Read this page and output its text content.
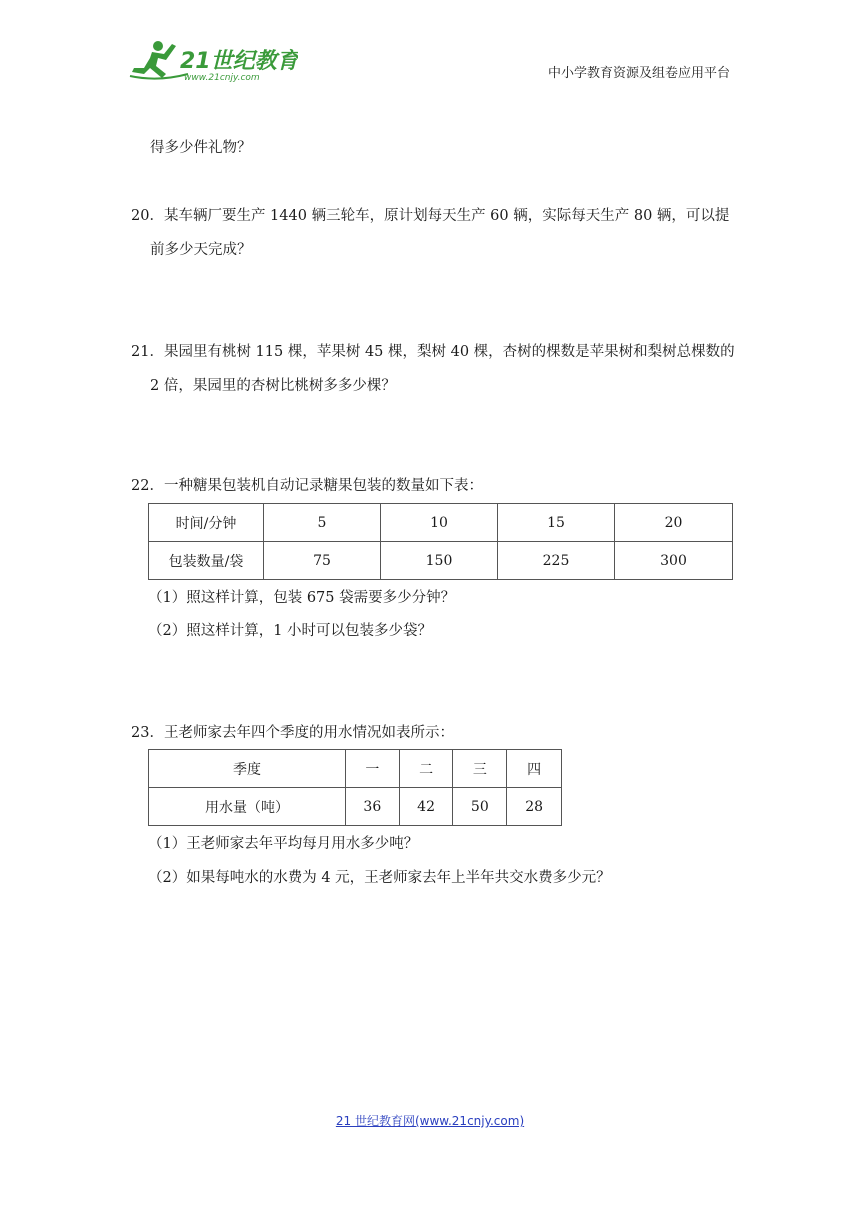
21世纪教育
www.21cnjy.com	中小学教育资源及组卷应用平台
得多少件礼物？
20．某车辆厂要生产 1440 辆三轮车，原计划每天生产 60 辆，实际每天生产 80 辆，可以提
前多少天完成？
21．果园里有桃树 115 棵，苹果树 45 棵，梨树 40 棵，杏树的棵数是苹果树和梨树总棵数的
2 倍，果园里的杏树比桃树多多少棵？
22．一种糖果包装机自动记录糖果包装的数量如下表：
时间/分钟	5	10	15	20
包装数量/袋	75	150	225	300
（1）照这样计算，包装 675 袋需要多少分钟？
（2）照这样计算，1 小时可以包装多少袋？
23．王老师家去年四个季度的用水情况如表所示：
季度	一	二	三	四
用水量（吨）	36	42	50	28
（1）王老师家去年平均每月用水多少吨？
（2）如果每吨水的水费为 4 元，王老师家去年上半年共交水费多少元？
21 世纪教育网(www.21cnjy.com)
